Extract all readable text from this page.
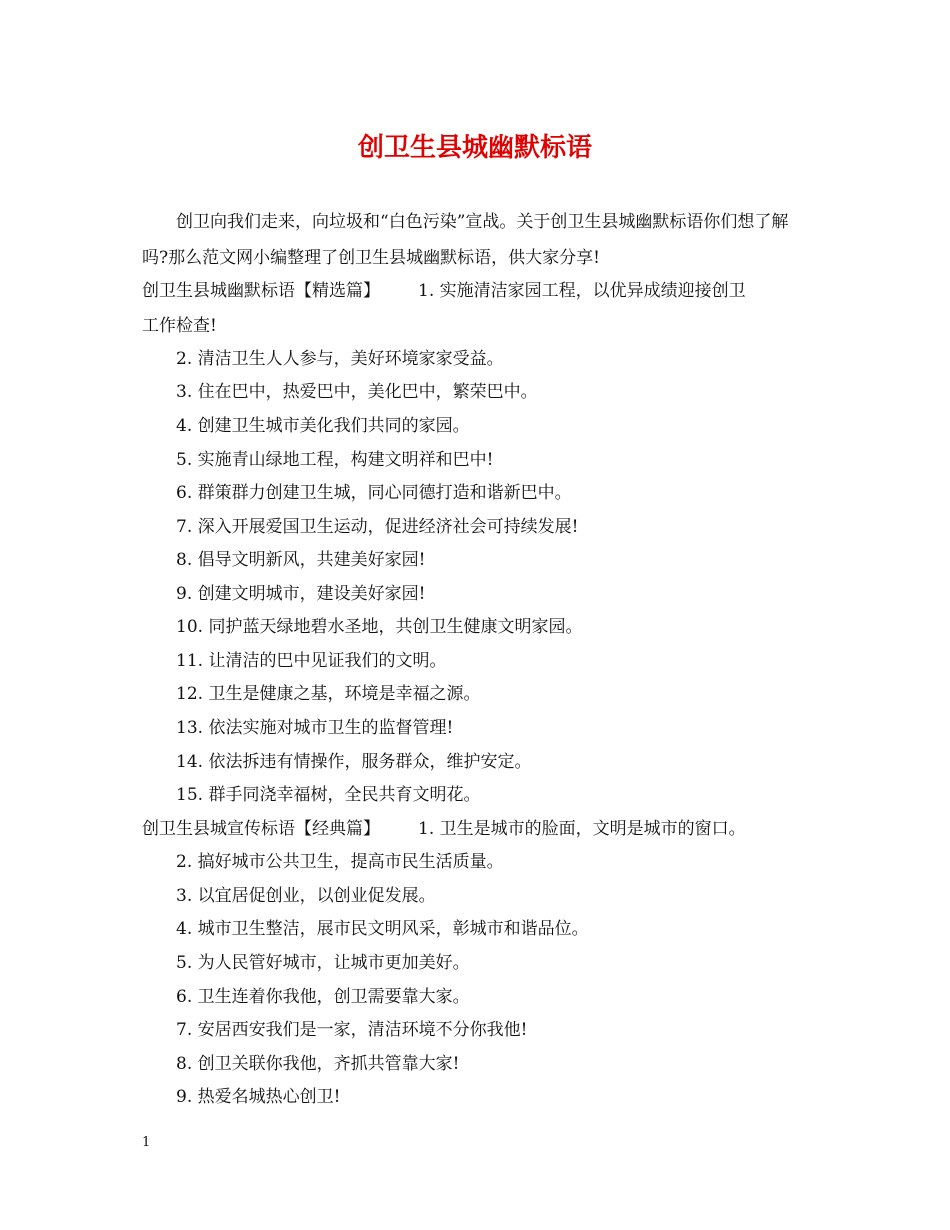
创卫生县城幽默标语
创卫向我们走来，向垃圾和“白色污染”宣战。关于创卫生县城幽默标语你们想了解吗?那么范文网小编整理了创卫生县城幽默标语，供大家分享!
创卫生县城幽默标语【精选篇】 1. 实施清洁家园工程，以优异成绩迎接创卫
工作检查!
2. 清洁卫生人人参与，美好环境家家受益。
3. 住在巴中，热爱巴中，美化巴中，繁荣巴中。
4. 创建卫生城市美化我们共同的家园。
5. 实施青山绿地工程，构建文明祥和巴中!
6. 群策群力创建卫生城，同心同德打造和谐新巴中。
7. 深入开展爱国卫生运动，促进经济社会可持续发展!
8. 倡导文明新风，共建美好家园!
9. 创建文明城市，建设美好家园!
10. 同护蓝天绿地碧水圣地，共创卫生健康文明家园。
11. 让清洁的巴中见证我们的文明。
12. 卫生是健康之基，环境是幸福之源。
13. 依法实施对城市卫生的监督管理!
14. 依法拆违有情操作，服务群众，维护安定。
15. 群手同浇幸福树，全民共育文明花。
创卫生县城宣传标语【经典篇】 1. 卫生是城市的脸面，文明是城市的窗口。
2. 搞好城市公共卫生，提高市民生活质量。
3. 以宜居促创业，以创业促发展。
4. 城市卫生整洁，展市民文明风采，彰城市和谐品位。
5. 为人民管好城市，让城市更加美好。
6. 卫生连着你我他，创卫需要靠大家。
7. 安居西安我们是一家，清洁环境不分你我他!
8. 创卫关联你我他，齐抓共管靠大家!
9. 热爱名城热心创卫!
1
